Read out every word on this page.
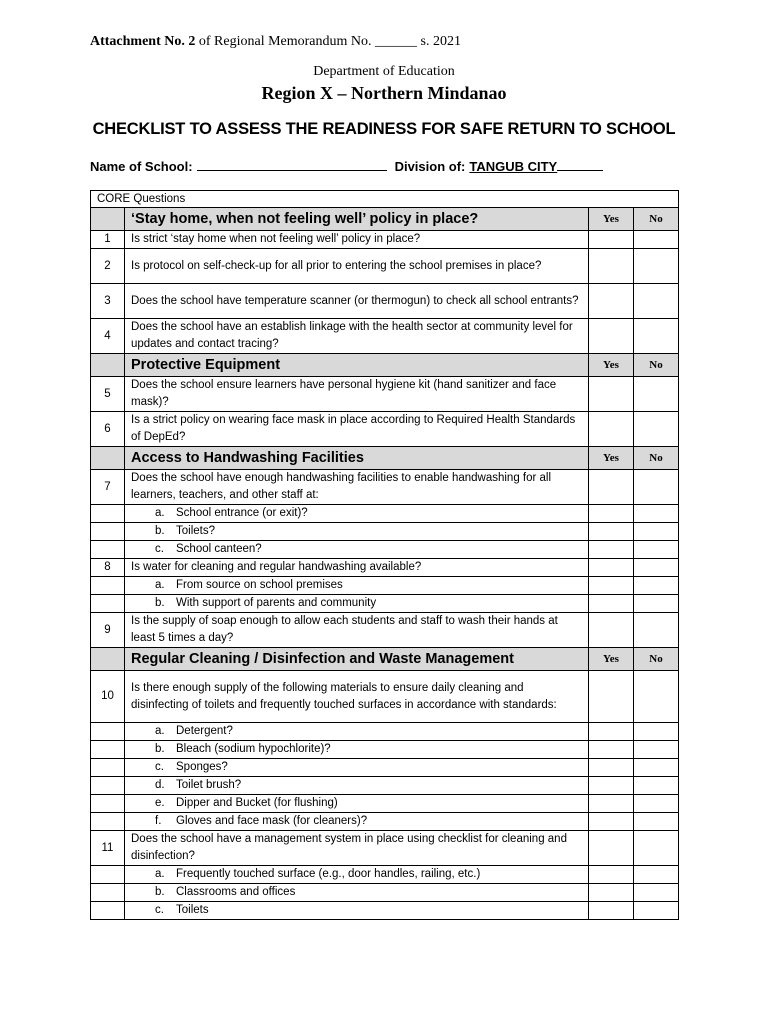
Attachment No. 2 of Regional Memorandum No. ______ s. 2021
Department of Education
Region X – Northern Mindanao
CHECKLIST TO ASSESS THE READINESS FOR SAFE RETURN TO SCHOOL
Name of School:	Division of: TANGUB CITY
CORE Questions			
	‘Stay home, when not feeling well’ policy in place?	Yes	No
1	Is strict ‘stay home when not feeling well’ policy in place?		
2	Is protocol on self-check-up for all prior to entering the school premises in place?		
3	Does the school have temperature scanner (or thermogun) to check all school entrants?		
4	Does the school have an establish linkage with the health sector at community level for updates and contact tracing?		
	Protective Equipment	Yes	No
5	Does the school ensure learners have personal hygiene kit (hand sanitizer and face mask)?		
6	Is a strict policy on wearing face mask in place according to Required Health Standards of DepEd?		
	Access to Handwashing Facilities	Yes	No
7	Does the school have enough handwashing facilities to enable handwashing for all learners, teachers, and other staff at:		
	a. School entrance (or exit)?		
	b. Toilets?		
	c. School canteen?		
8	Is water for cleaning and regular handwashing available?		
	a. From source on school premises		
	b. With support of parents and community		
9	Is the supply of soap enough to allow each students and staff to wash their hands at least 5 times a day?		
	Regular Cleaning / Disinfection and Waste Management	Yes	No
10	Is there enough supply of the following materials to ensure daily cleaning and disinfecting of toilets and frequently touched surfaces in accordance with standards:		
	a. Detergent?		
	b. Bleach (sodium hypochlorite)?		
	c. Sponges?		
	d. Toilet brush?		
	e. Dipper and Bucket (for flushing)		
	f. Gloves and face mask (for cleaners)?		
11	Does the school have a management system in place using checklist for cleaning and disinfection?		
	a. Frequently touched surface (e.g., door handles, railing, etc.)		
	b. Classrooms and offices		
	c. Toilets		
